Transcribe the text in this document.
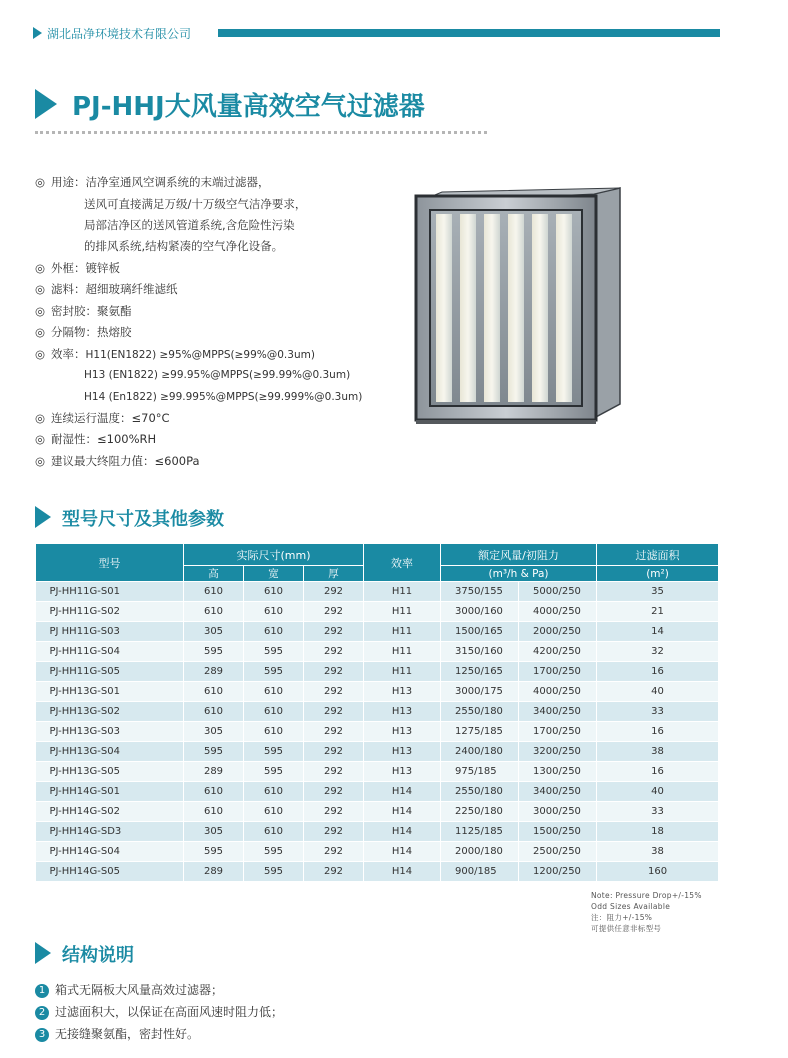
湖北品净环境技术有限公司
PJ-HHJ大风量高效空气过滤器
◎ 用途：洁净室通风空调系统的末端过滤器，
送风可直接满足万级/十万级空气洁净要求，
局部洁净区的送风管道系统,含危险性污染
的排风系统,结构紧凑的空气净化设备。
◎ 外框：镀锌板
◎ 滤料：超细玻璃纤维滤纸
◎ 密封胶：聚氨酯
◎ 分隔物：热熔胶
◎ 效率：H11(EN1822) ≥95%@MPPS(≥99%@0.3um)
H13 (EN1822) ≥99.95%@MPPS(≥99.99%@0.3um)
H14 (En1822) ≥99.995%@MPPS(≥99.999%@0.3um)
◎ 连续运行温度：≤70°C
◎ 耐湿性：≤100%RH
◎ 建议最大终阻力值：≤600Pa
型号尺寸及其他参数
型号	实际尺寸(mm)			效率	额定风量/初阻力		过滤面积
	高	宽	厚		(m³/h & Pa)		(m²)
PJ-HH11G-S01	610	610	292	H11	3750/155	5000/250	35
PJ-HH11G-S02	610	610	292	H11	3000/160	4000/250	21
PJ HH11G-S03	305	610	292	H11	1500/165	2000/250	14
PJ-HH11G-S04	595	595	292	H11	3150/160	4200/250	32
PJ-HH11G-S05	289	595	292	H11	1250/165	1700/250	16
PJ-HH13G-S01	610	610	292	H13	3000/175	4000/250	40
PJ-HH13G-S02	610	610	292	H13	2550/180	3400/250	33
PJ-HH13G-S03	305	610	292	H13	1275/185	1700/250	16
PJ-HH13G-S04	595	595	292	H13	2400/180	3200/250	38
PJ-HH13G-S05	289	595	292	H13	975/185	1300/250	16
PJ-HH14G-S01	610	610	292	H14	2550/180	3400/250	40
PJ-HH14G-S02	610	610	292	H14	2250/180	3000/250	33
PJ-HH14G-SD3	305	610	292	H14	1125/185	1500/250	18
PJ-HH14G-S04	595	595	292	H14	2000/180	2500/250	38
PJ-HH14G-S05	289	595	292	H14	900/185	1200/250	160
Note: Pressure Drop+/-15%
Odd Sizes Available
注：阻力+/-15%
可提供任意非标型号
结构说明
1 箱式无隔板大风量高效过滤器；
2 过滤面积大，以保证在高面风速时阻力低；
3 无接缝聚氨酯，密封性好。
